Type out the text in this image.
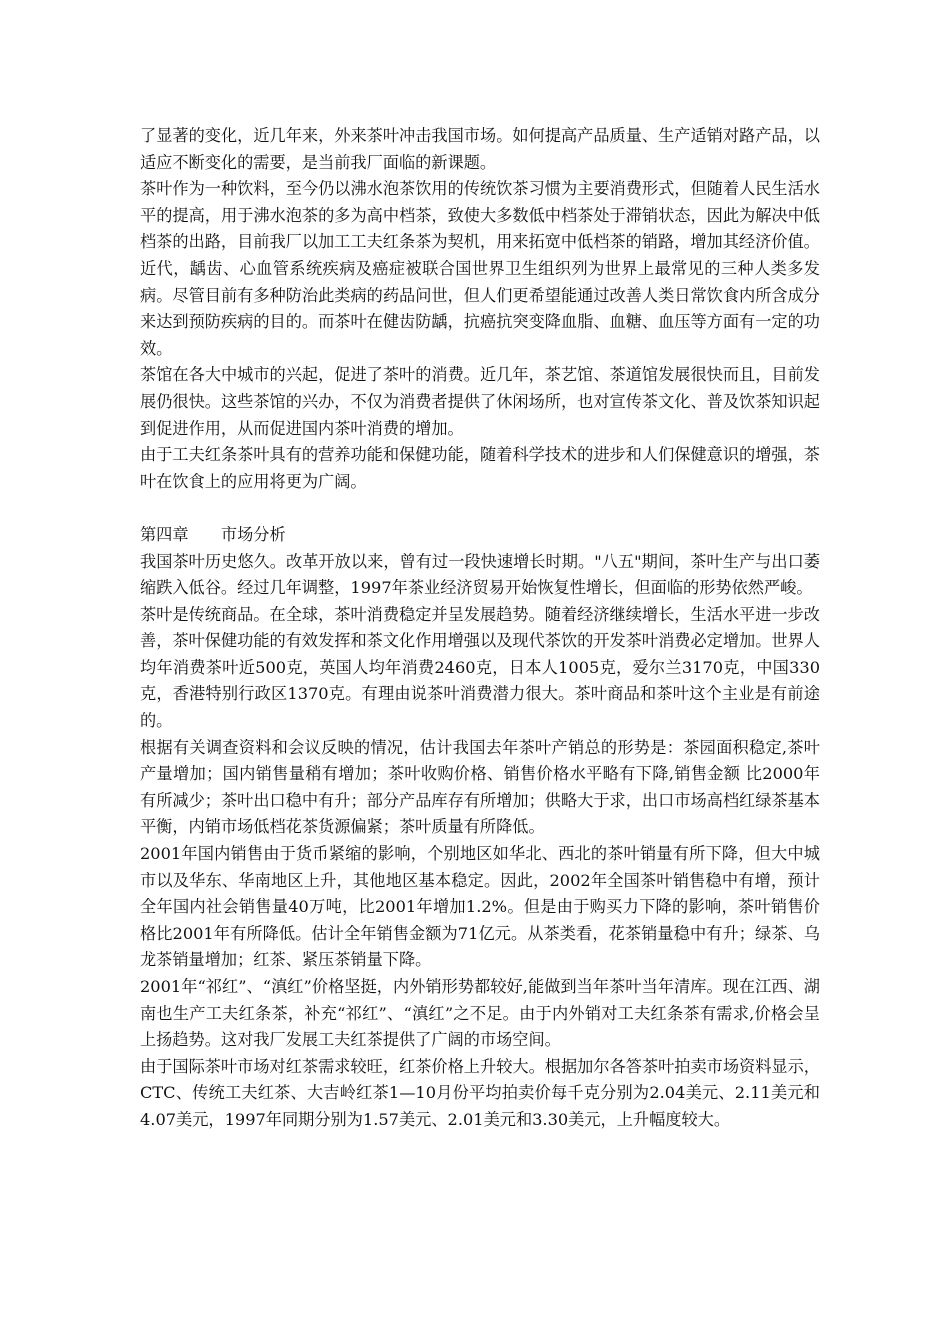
了显著的变化，近几年来，外来茶叶冲击我国市场。如何提高产品质量、生产适销对路产品，以适应不断变化的需要，是当前我厂面临的新课题。

茶叶作为一种饮料，至今仍以沸水泡茶饮用的传统饮茶习惯为主要消费形式，但随着人民生活水平的提高，用于沸水泡茶的多为高中档茶，致使大多数低中档茶处于滞销状态，因此为解决中低档茶的出路，目前我厂以加工工夫红条茶为契机，用来拓宽中低档茶的销路，增加其经济价值。

近代，龋齿、心血管系统疾病及癌症被联合国世界卫生组织列为世界上最常见的三种人类多发病。尽管目前有多种防治此类病的药品问世，但人们更希望能通过改善人类日常饮食内所含成分来达到预防疾病的目的。而茶叶在健齿防龋，抗癌抗突变降血脂、血糖、血压等方面有一定的功效。

茶馆在各大中城市的兴起，促进了茶叶的消费。近几年，茶艺馆、茶道馆发展很快而且，目前发展仍很快。这些茶馆的兴办，不仅为消费者提供了休闲场所，也对宣传茶文化、普及饮茶知识起到促进作用，从而促进国内茶叶消费的增加。

由于工夫红条茶叶具有的营养功能和保健功能，随着科学技术的进步和人们保健意识的增强，茶叶在饮食上的应用将更为广阔。

第四章　　市场分析

我国茶叶历史悠久。改革开放以来，曾有过一段快速增长时期。"八五"期间，茶叶生产与出口萎缩跌入低谷。经过几年调整，1997年茶业经济贸易开始恢复性增长，但面临的形势依然严峻。

茶叶是传统商品。在全球，茶叶消费稳定并呈发展趋势。随着经济继续增长，生活水平进一步改善，茶叶保健功能的有效发挥和茶文化作用增强以及现代茶饮的开发茶叶消费必定增加。世界人均年消费茶叶近500克，英国人均年消费2460克，日本人1005克，爱尔兰3170克，中国330克，香港特别行政区1370克。有理由说茶叶消费潜力很大。茶叶商品和茶叶这个主业是有前途的。

根据有关调查资料和会议反映的情况，估计我国去年茶叶产销总的形势是：茶园面积稳定,茶叶产量增加；国内销售量稍有增加；茶叶收购价格、销售价格水平略有下降,销售金额 比2000年有所减少；茶叶出口稳中有升；部分产品库存有所增加；供略大于求，出口市场高档红绿茶基本平衡，内销市场低档花茶货源偏紧；茶叶质量有所降低。

2001年国内销售由于货币紧缩的影响，个别地区如华北、西北的茶叶销量有所下降，但大中城市以及华东、华南地区上升，其他地区基本稳定。因此，2002年全国茶叶销售稳中有增，预计全年国内社会销售量40万吨，比2001年增加1.2%。但是由于购买力下降的影响，茶叶销售价格比2001年有所降低。估计全年销售金额为71亿元。从茶类看，花茶销量稳中有升；绿茶、乌龙茶销量增加；红茶、紧压茶销量下降。

2001年“祁红”、“滇红”价格坚挺，内外销形势都较好,能做到当年茶叶当年清库。现在江西、湖南也生产工夫红条茶，补充“祁红”、“滇红”之不足。由于内外销对工夫红条茶有需求,价格会呈上扬趋势。这对我厂发展工夫红茶提供了广阔的市场空间。

由于国际茶叶市场对红茶需求较旺，红茶价格上升较大。根据加尔各答茶叶拍卖市场资料显示，CTC、传统工夫红茶、大吉岭红茶1—10月份平均拍卖价每千克分别为2.04美元、2.11美元和4.07美元，1997年同期分别为1.57美元、2.01美元和3.30美元，上升幅度较大。
